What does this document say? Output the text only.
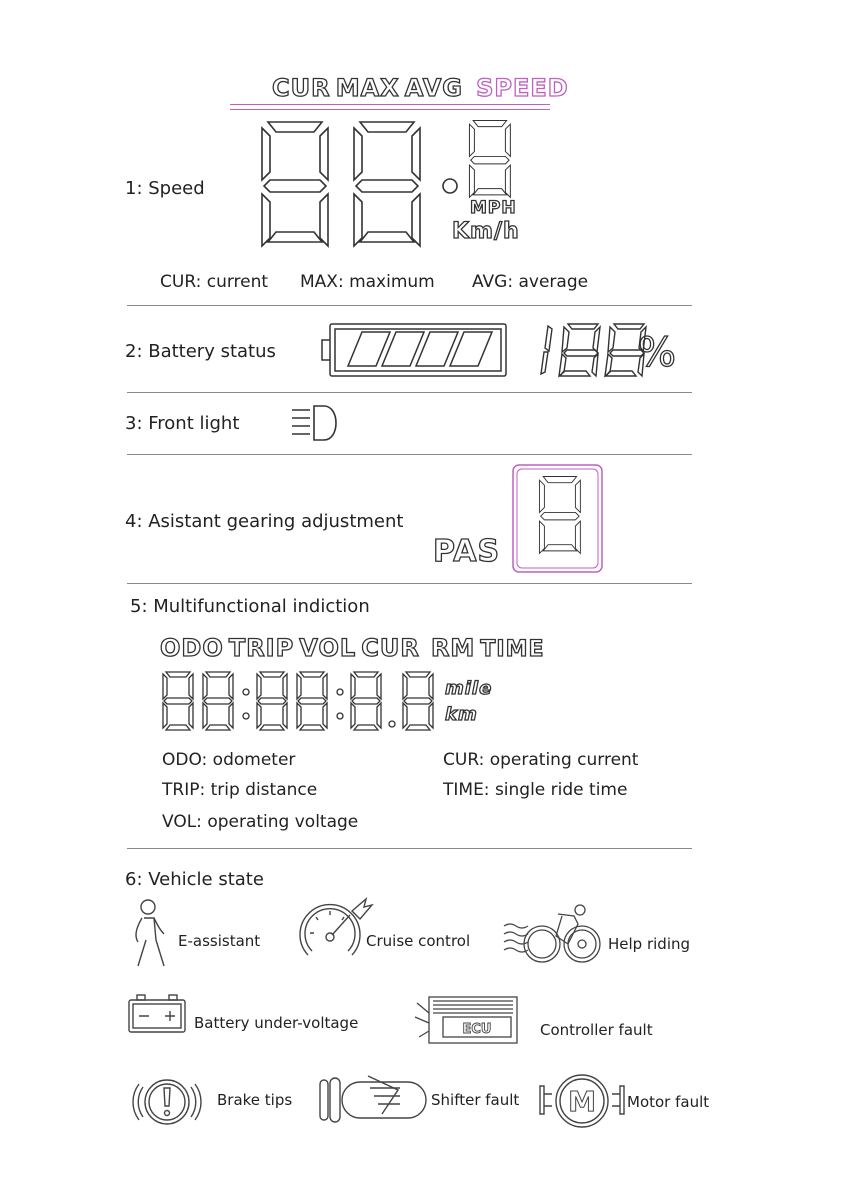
CUR MAX AVG SPEED
1: Speed
MPH
Km/h
CUR: current MAX: maximum AVG: average
2: Battery status	%
3: Front light
4: Asistant gearing adjustment
PAS
5: Multifunctional indiction
ODO TRIP VOL CUR RM TIME
mile
km
ODO: odometer
TRIP: trip distance
VOL: operating voltage
CUR: operating current
TIME: single ride time
6: Vehicle state
E-assistant	Cruise control	Help riding
Battery under-voltage	ECU	Controller fault
Brake tips	Shifter fault M Motor fault
